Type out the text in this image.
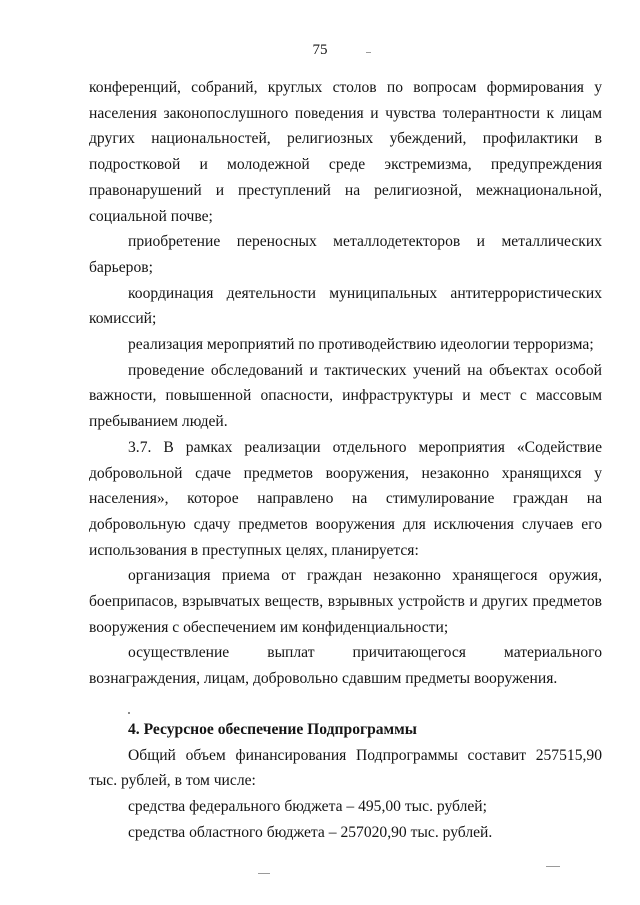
75

конференций, собраний, круглых столов по вопросам формирования у населения законопослушного поведения и чувства толерантности к лицам других национальностей, религиозных убеждений, профилактики в подростковой и молодежной среде экстремизма, предупреждения правонарушений и преступлений на религиозной, межнациональной, социальной почве;

приобретение переносных металлодетекторов и металлических барьеров;

координация деятельности муниципальных антитеррористических комиссий;

реализация мероприятий по противодействию идеологии терроризма;

проведение обследований и тактических учений на объектах особой важности, повышенной опасности, инфраструктуры и мест с массовым пребыванием людей.

3.7. В рамках реализации отдельного мероприятия «Содействие добровольной сдаче предметов вооружения, незаконно хранящихся у населения», которое направлено на стимулирование граждан на добровольную сдачу предметов вооружения для исключения случаев его использования в преступных целях, планируется:

организация приема от граждан незаконно хранящегося оружия, боеприпасов, взрывчатых веществ, взрывных устройств и других предметов вооружения с обеспечением им конфиденциальности;

осуществление выплат причитающегося материального вознаграждения, лицам, добровольно сдавшим предметы вооружения.

4. Ресурсное обеспечение Подпрограммы

Общий объем финансирования Подпрограммы составит 257515,90 тыс. рублей, в том числе:

средства федерального бюджета – 495,00 тыс. рублей;

средства областного бюджета – 257020,90 тыс. рублей.
